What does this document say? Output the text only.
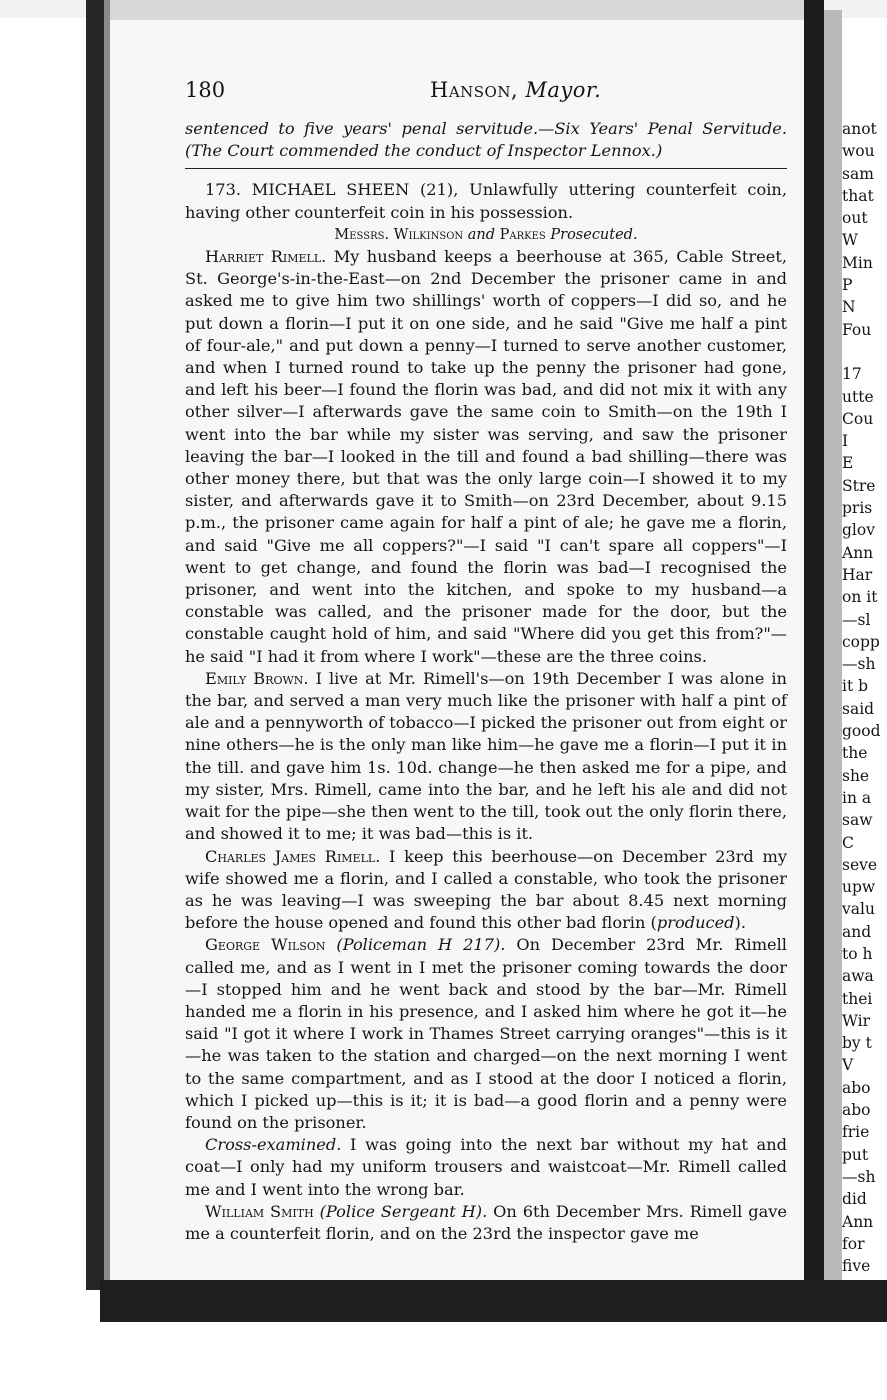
180	Hanson, Mayor.

sentenced to five years' penal servitude.—Six Years' Penal Servitude. (The Court commended the conduct of Inspector Lennox.)

173. MICHAEL SHEEN (21), Unlawfully uttering counterfeit coin, having other counterfeit coin in his possession.

Messrs. Wilkinson and Parkes Prosecuted.

Harriet Rimell. My husband keeps a beerhouse at 365, Cable Street, St. George's-in-the-East—on 2nd December the prisoner came in and asked me to give him two shillings' worth of coppers—I did so, and he put down a florin—I put it on one side, and he said "Give me half a pint of four-ale," and put down a penny—I turned to serve another customer, and when I turned round to take up the penny the prisoner had gone, and left his beer—I found the florin was bad, and did not mix it with any other silver—I afterwards gave the same coin to Smith—on the 19th I went into the bar while my sister was serving, and saw the prisoner leaving the bar—I looked in the till and found a bad shilling—there was other money there, but that was the only large coin—I showed it to my sister, and afterwards gave it to Smith—on 23rd December, about 9.15 p.m., the prisoner came again for half a pint of ale; he gave me a florin, and said "Give me all coppers?"—I said "I can't spare all coppers"—I went to get change, and found the florin was bad—I recognised the prisoner, and went into the kitchen, and spoke to my husband—a constable was called, and the prisoner made for the door, but the constable caught hold of him, and said "Where did you get this from?"—he said "I had it from where I work"—these are the three coins.

Emily Brown. I live at Mr. Rimell's—on 19th December I was alone in the bar, and served a man very much like the prisoner with half a pint of ale and a pennyworth of tobacco—I picked the prisoner out from eight or nine others—he is the only man like him—he gave me a florin—I put it in the till. and gave him 1s. 10d. change—he then asked me for a pipe, and my sister, Mrs. Rimell, came into the bar, and he left his ale and did not wait for the pipe—she then went to the till, took out the only florin there, and showed it to me; it was bad—this is it.

Charles James Rimell. I keep this beerhouse—on December 23rd my wife showed me a florin, and I called a constable, who took the prisoner as he was leaving—I was sweeping the bar about 8.45 next morning before the house opened and found this other bad florin (produced).

George Wilson (Policeman H 217). On December 23rd Mr. Rimell called me, and as I went in I met the prisoner coming towards the door —I stopped him and he went back and stood by the bar—Mr. Rimell handed me a florin in his presence, and I asked him where he got it—he said "I got it where I work in Thames Street carrying oranges"—this is it—he was taken to the station and charged—on the next morning I went to the same compartment, and as I stood at the door I noticed a florin, which I picked up—this is it; it is bad—a good florin and a penny were found on the prisoner.

Cross-examined. I was going into the next bar without my hat and coat—I only had my uniform trousers and waistcoat—Mr. Rimell called me and I went into the wrong bar.

William Smith (Police Sergeant H). On 6th December Mrs. Rimell gave me a counterfeit florin, and on the 23rd the inspector gave me

anot
wou
sam
that
out
W
Min
P
N
Fou

17
utte
Cou
I
E
Stre
pris
glov
Ann
Har
on it
—sl
copp
—sh
it b
said
good
the
she
in a
saw
C
seve
upw
valu
and
to h
awa
thei
Wir
by t
V
abo
abo
frie
put
—sh
did
Ann
for
five
